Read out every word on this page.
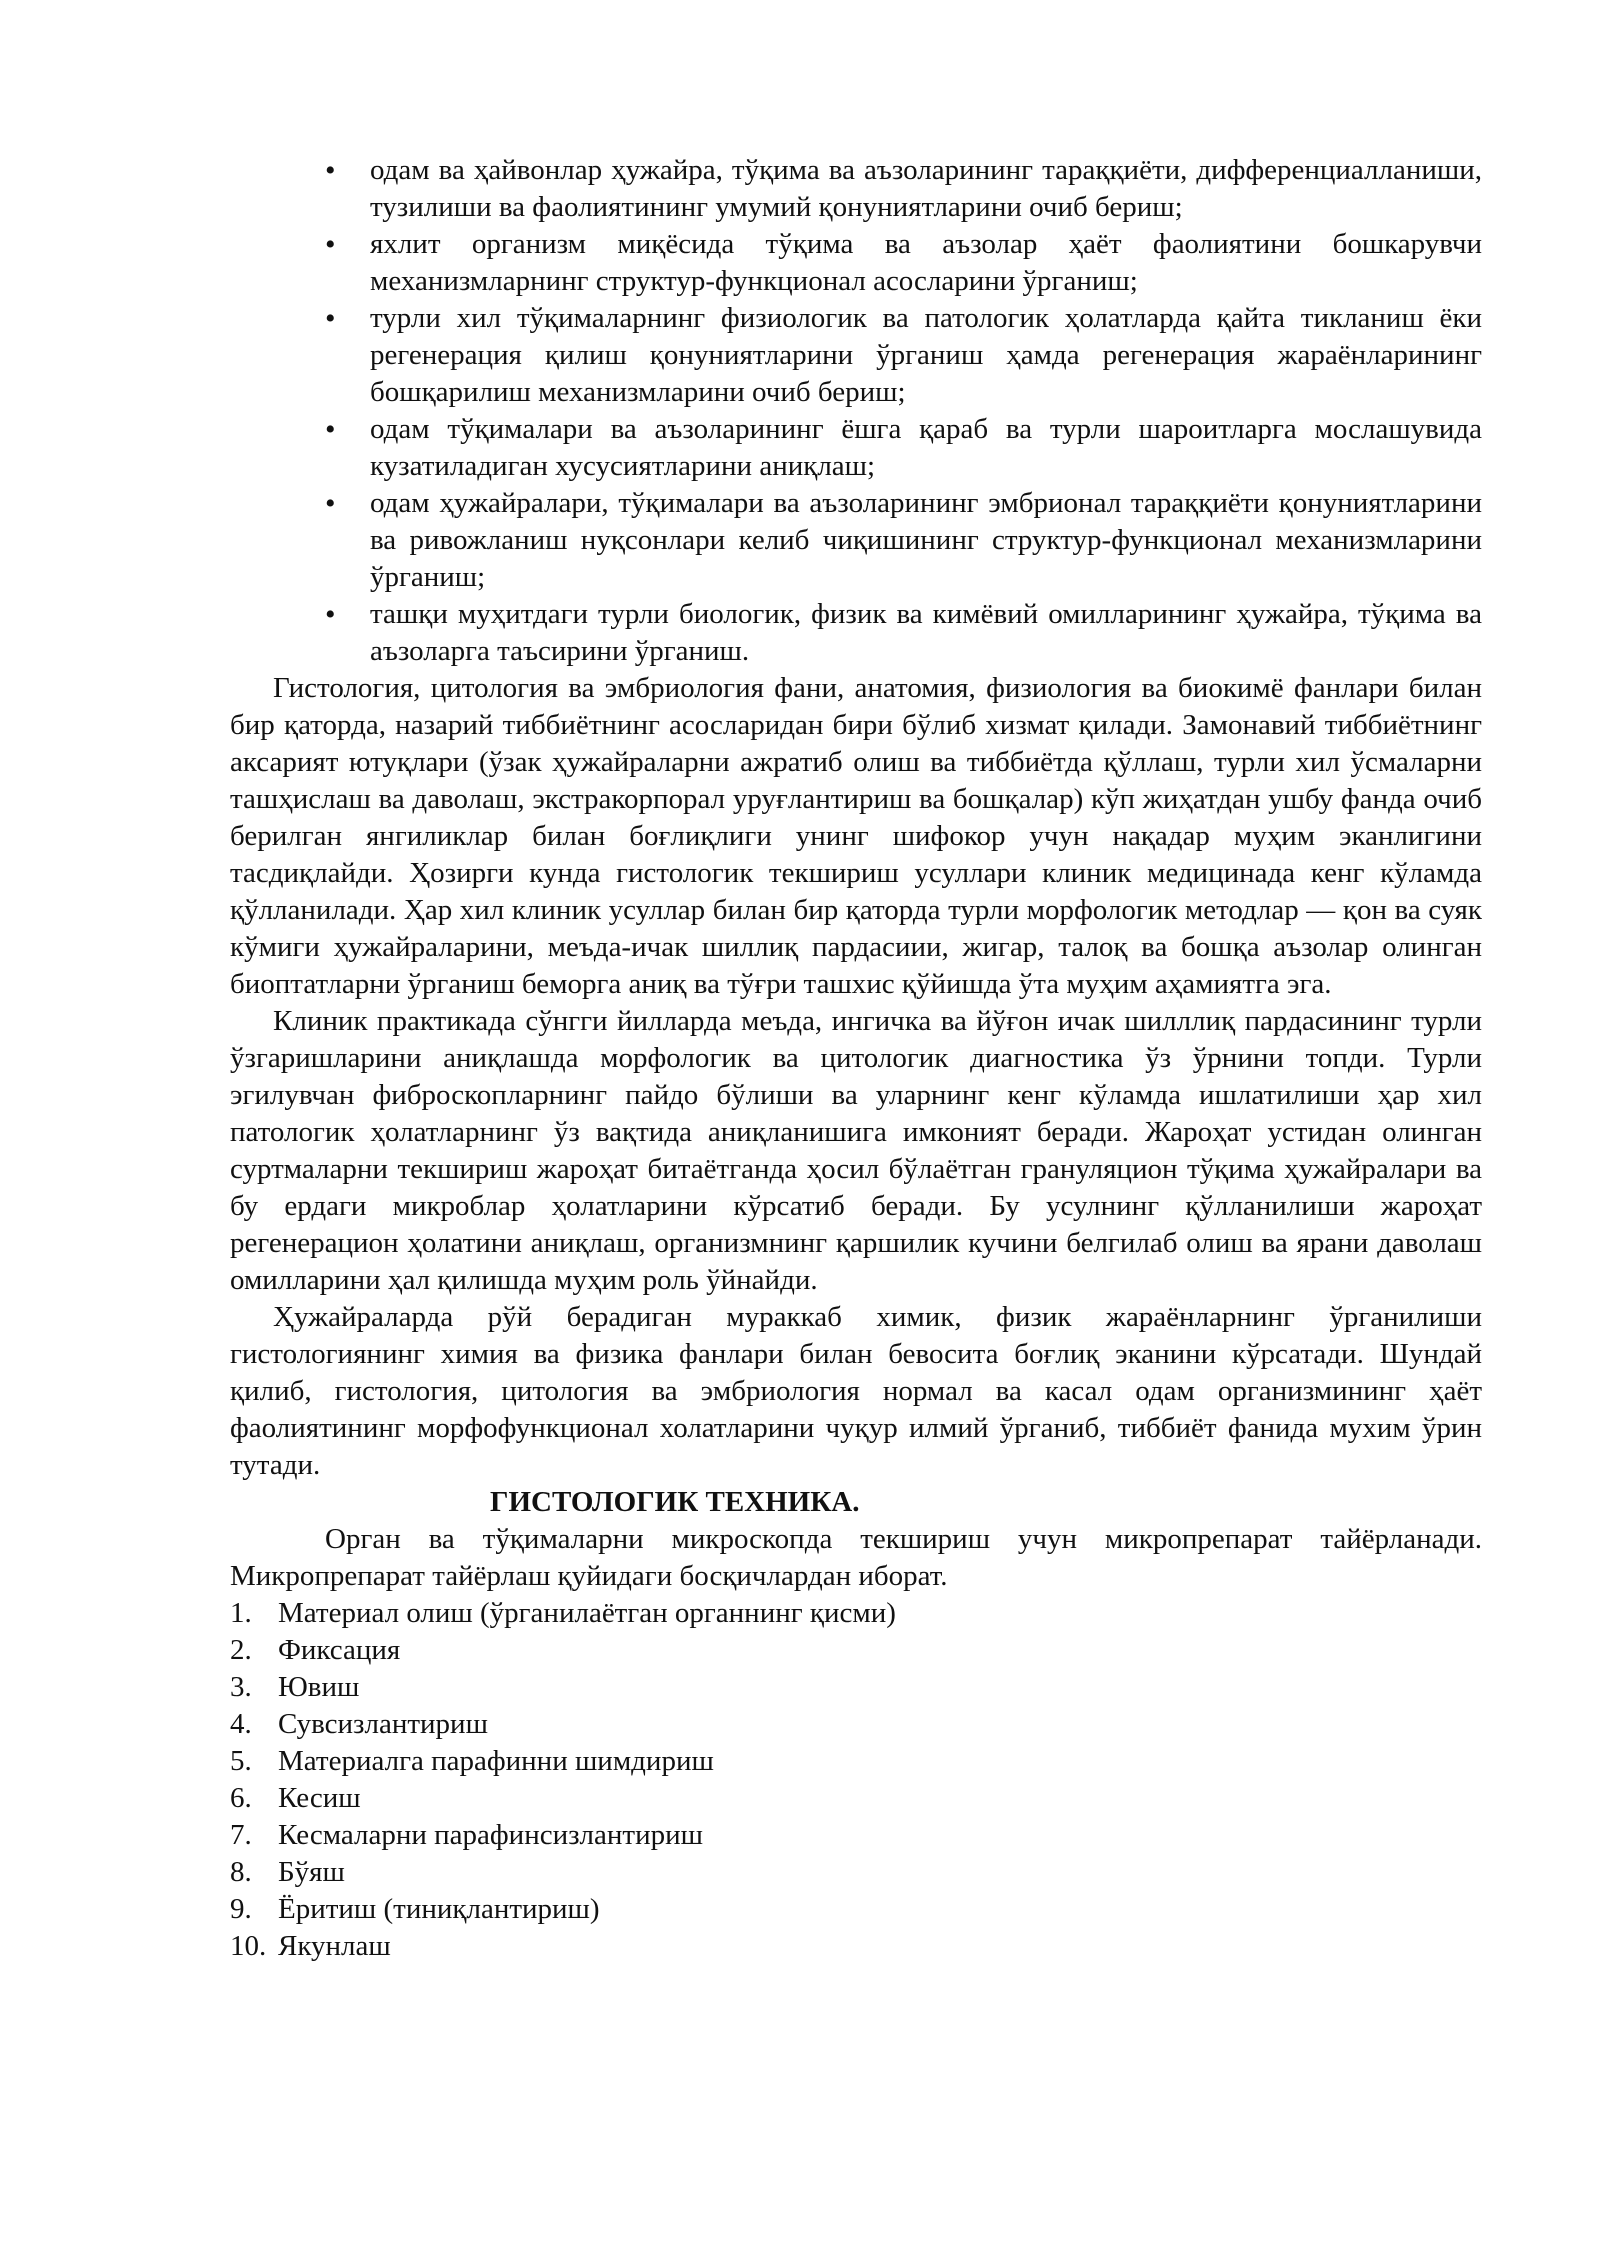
• одам ва ҳайвонлар ҳужайра, тўқима ва аъзоларининг тараққиёти, дифференциалланиши, тузилиши ва фаолиятининг умумий қонуниятларини очиб бериш;
• яхлит организм миқёсида тўқима ва аъзолар ҳаёт фаолиятини бошкарувчи механизмларнинг структур-функционал асосларини ўрганиш;
• турли хил тўқималарнинг физиологик ва патологик ҳолатларда қайта тикланиш ёки регенерация қилиш қонуниятларини ўрганиш ҳамда регенерация жараёнларининг бошқарилиш механизмларини очиб бериш;
• одам тўқималари ва аъзоларининг ёшга қараб ва турли шароитларга мослашувида кузатиладиган хусусиятларини аниқлаш;
• одам ҳужайралари, тўқималари ва аъзоларининг эмбрионал тараққиёти қонуниятларини ва ривожланиш нуқсонлари келиб чиқишининг структур-функционал механизмларини ўрганиш;
• ташқи муҳитдаги турли биологик, физик ва кимёвий омилларининг ҳужайра, тўқима ва аъзоларга таъсирини ўрганиш.

Гистология, цитология ва эмбриология фани, анатомия, физиология ва биокимё фанлари билан бир қаторда, назарий тиббиётнинг асосларидан бири бўлиб хизмат қилади. Замонавий тиббиётнинг аксарият ютуқлари (ўзак ҳужайраларни ажратиб олиш ва тиббиётда қўллаш, турли хил ўсмаларни ташҳислаш ва даволаш, экстракорпорал уруғлантириш ва бошқалар) кўп жиҳатдан ушбу фанда очиб берилган янгиликлар билан боғлиқлиги унинг шифокор учун нақадар муҳим эканлигини тасдиқлайди. Ҳозирги кунда гистологик текшириш усуллари клиник медицинада кенг кўламда қўлланилади. Ҳар хил клиник усуллар билан бир қаторда турли морфологик методлар — қон ва суяк кўмиги ҳужайраларини, меъда-ичак шиллиқ пардасиии, жигар, талоқ ва бошқа аъзолар олинган биоптатларни ўрганиш беморга аниқ ва тўғри ташхис қўйишда ўта муҳим аҳамиятга эга.

Клиник практикада сўнгги йилларда меъда, ингичка ва йўғон ичак шилллиқ пардасининг турли ўзгаришларини аниқлашда морфологик ва цитологик диагностика ўз ўрнини топди. Турли эгилувчан фиброскопларнинг пайдо бўлиши ва уларнинг кенг кўламда ишлатилиши ҳар хил патологик ҳолатларнинг ўз вақтида аниқланишига имконият беради. Жароҳат устидан олинган суртмаларни текшириш жароҳат битаётганда ҳосил бўлаётган грануляцион тўқима ҳужайралари ва бу ердаги микроблар ҳолатларини кўрсатиб беради. Бу усулнинг қўлланилиши жароҳат регенерацион ҳолатини аниқлаш, организмнинг қаршилик кучини белгилаб олиш ва ярани даволаш омилларини ҳал қилишда муҳим роль ўйнайди.

Ҳужайраларда рўй берадиган мураккаб химик, физик жараёнларнинг ўрганилиши гистологиянинг химия ва физика фанлари билан бевосита боғлиқ эканини кўрсатади. Шундай қилиб, гистология, цитология ва эмбриология нормал ва касал одам организмининг ҳаёт фаолиятининг морфофункционал холатларини чуқур илмий ўрганиб, тиббиёт фанида мухим ўрин тутади.

ГИСТОЛОГИК ТЕХНИКА.

Орган ва тўқималарни микроскопда текшириш учун микропрепарат тайёрланади. Микропрепарат тайёрлаш қуйидаги босқичлардан иборат.

1. Материал олиш (ўрганилаётган органнинг қисми)
2. Фиксация
3. Ювиш
4. Сувсизлантириш
5. Материалга парафинни шимдириш
6. Кесиш
7. Кесмаларни парафинсизлантириш
8. Бўяш
9. Ёритиш (тиниқлантириш)
10. Якунлаш
